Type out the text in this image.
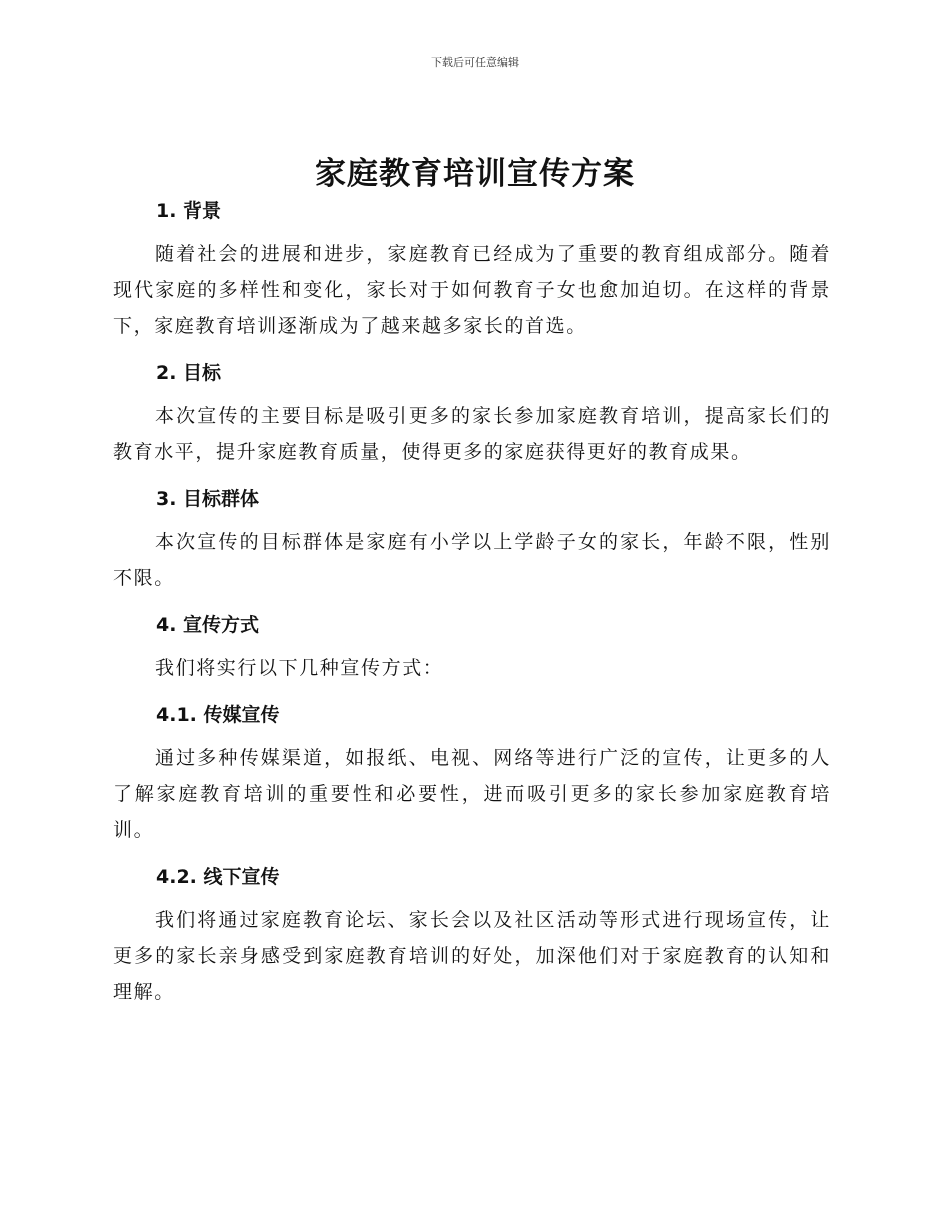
下载后可任意编辑
家庭教育培训宣传方案
1. 背景

随着社会的进展和进步，家庭教育已经成为了重要的教育组成部分。随着现代家庭的多样性和变化，家长对于如何教育子女也愈加迫切。在这样的背景下，家庭教育培训逐渐成为了越来越多家长的首选。

2. 目标

本次宣传的主要目标是吸引更多的家长参加家庭教育培训，提高家长们的教育水平，提升家庭教育质量，使得更多的家庭获得更好的教育成果。

3. 目标群体

本次宣传的目标群体是家庭有小学以上学龄子女的家长，年龄不限，性别不限。

4. 宣传方式

我们将实行以下几种宣传方式：

4.1. 传媒宣传

通过多种传媒渠道，如报纸、电视、网络等进行广泛的宣传，让更多的人了解家庭教育培训的重要性和必要性，进而吸引更多的家长参加家庭教育培训。

4.2. 线下宣传

我们将通过家庭教育论坛、家长会以及社区活动等形式进行现场宣传，让更多的家长亲身感受到家庭教育培训的好处，加深他们对于家庭教育的认知和理解。
